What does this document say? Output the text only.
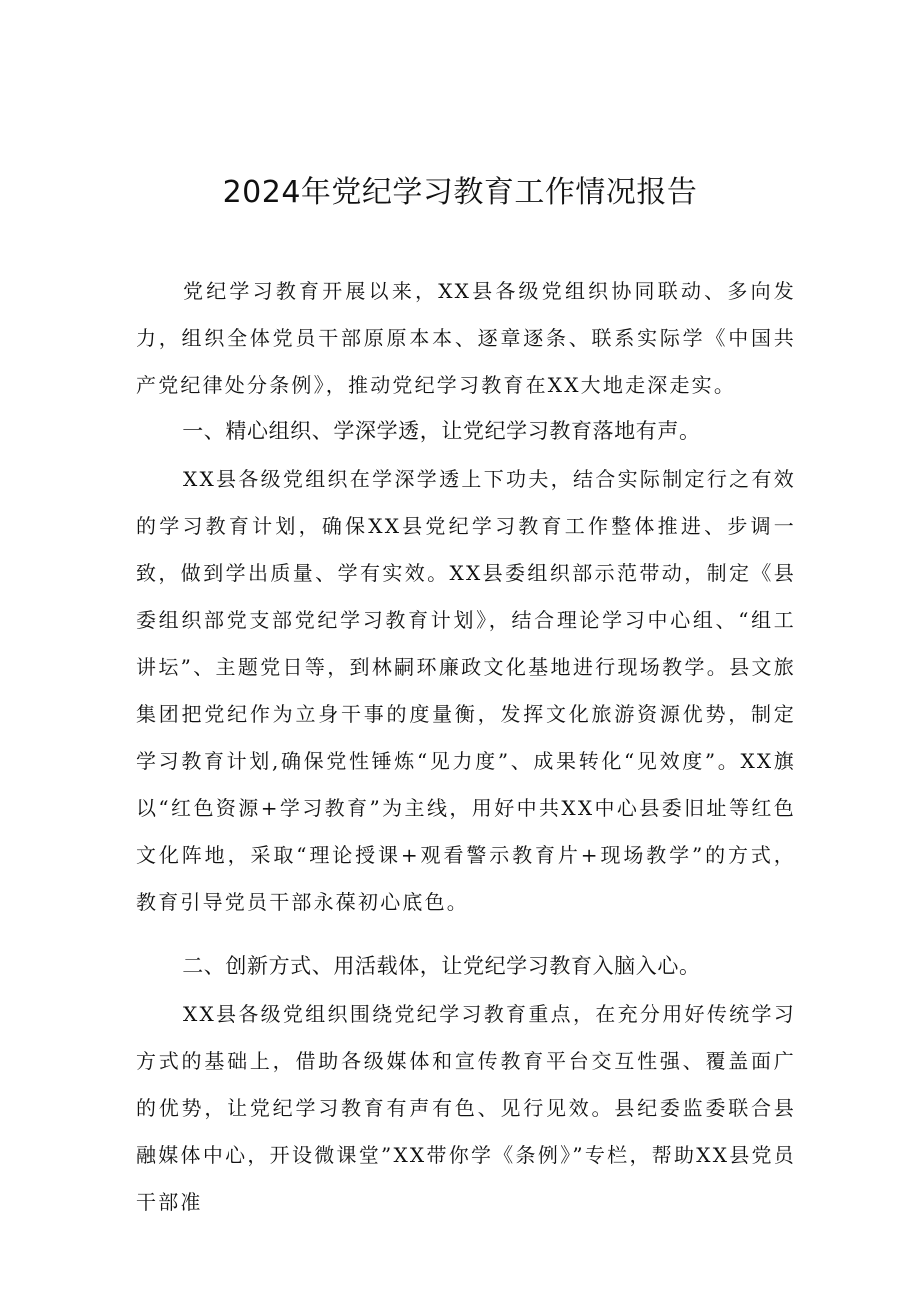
2024年党纪学习教育工作情况报告

党纪学习教育开展以来，XX县各级党组织协同联动、多向发力，组织全体党员干部原原本本、逐章逐条、联系实际学《中国共产党纪律处分条例》，推动党纪学习教育在XX大地走深走实。

一、精心组织、学深学透，让党纪学习教育落地有声。

XX县各级党组织在学深学透上下功夫，结合实际制定行之有效的学习教育计划，确保XX县党纪学习教育工作整体推进、步调一致，做到学出质量、学有实效。XX县委组织部示范带动，制定《县委组织部党支部党纪学习教育计划》，结合理论学习中心组、“组工讲坛”、主题党日等，到林嗣环廉政文化基地进行现场教学。县文旅集团把党纪作为立身干事的度量衡，发挥文化旅游资源优势，制定学习教育计划,确保党性锤炼“见力度”、成果转化“见效度”。XX旗以“红色资源+学习教育”为主线，用好中共XX中心县委旧址等红色文化阵地，采取“理论授课+观看警示教育片+现场教学”的方式，教育引导党员干部永葆初心底色。

二、创新方式、用活载体，让党纪学习教育入脑入心。

XX县各级党组织围绕党纪学习教育重点，在充分用好传统学习方式的基础上，借助各级媒体和宣传教育平台交互性强、覆盖面广的优势，让党纪学习教育有声有色、见行见效。县纪委监委联合县融媒体中心，开设微课堂”XX带你学《条例》”专栏，帮助XX县党员干部准
